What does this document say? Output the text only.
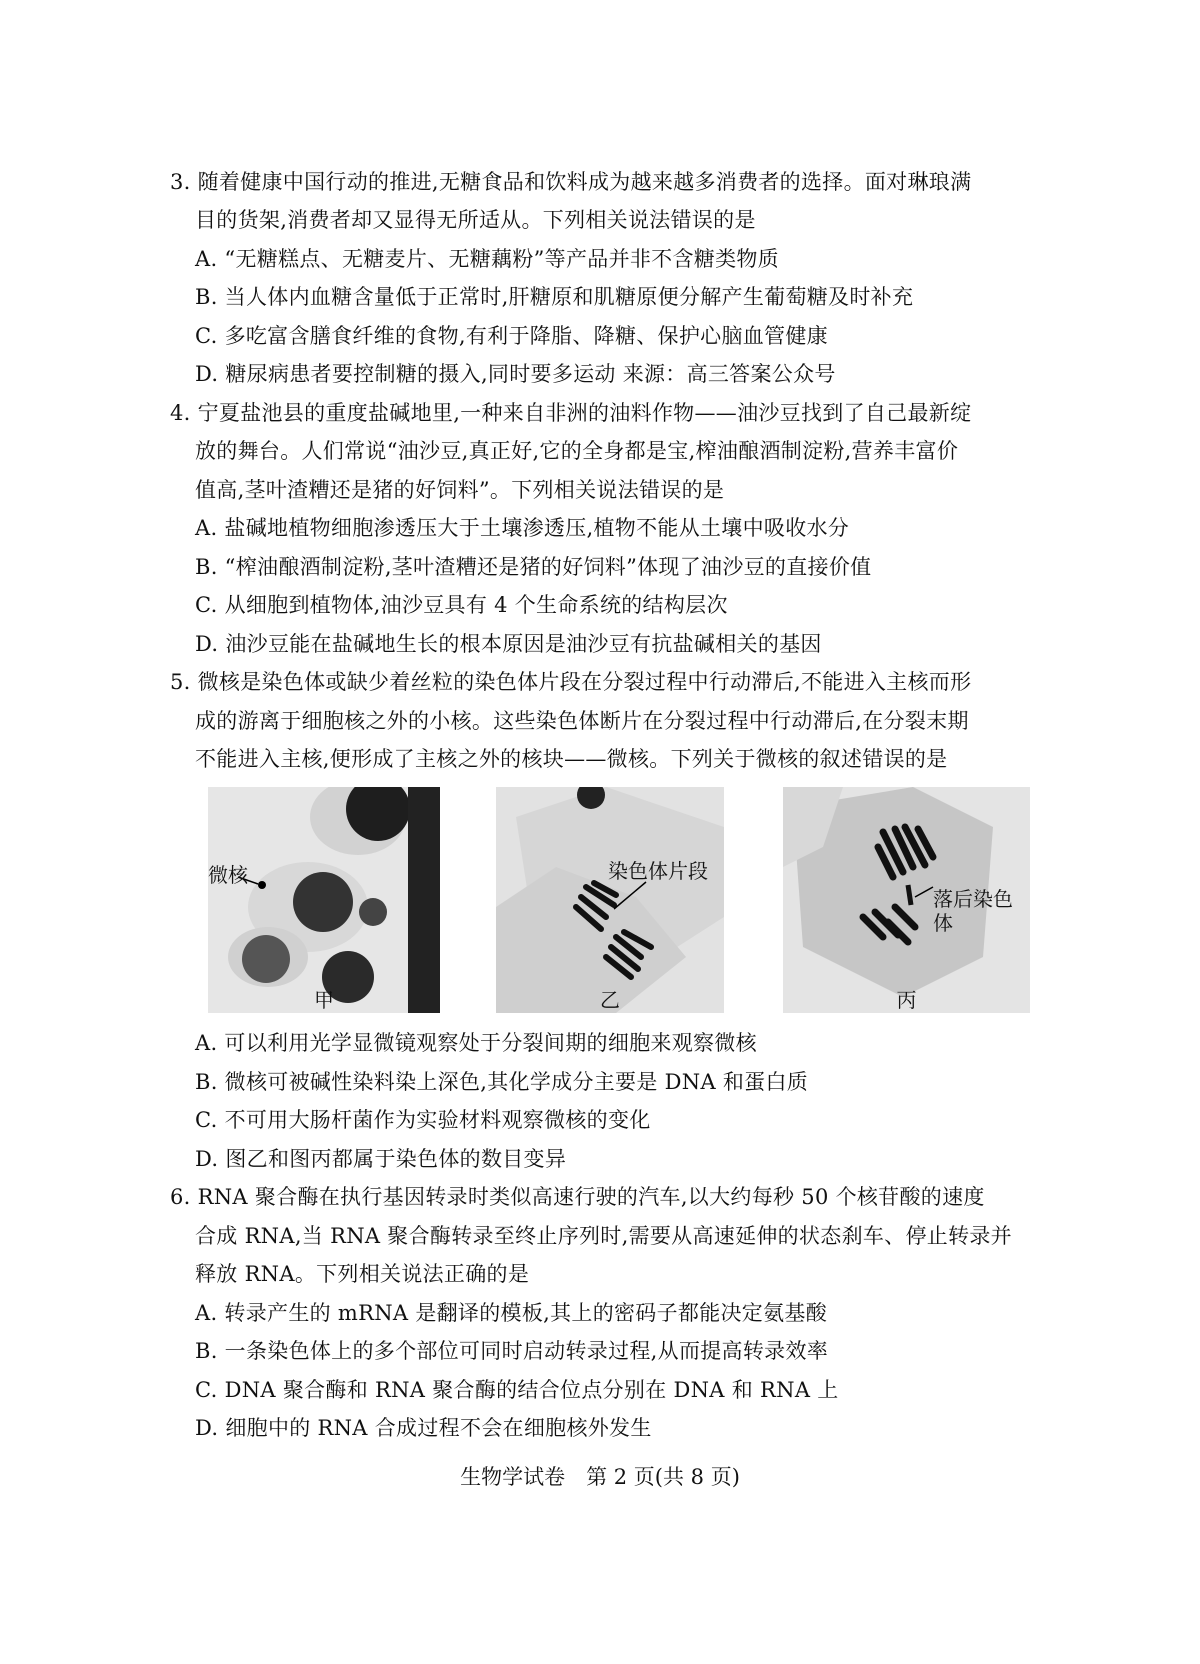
3. 随着健康中国行动的推进,无糖食品和饮料成为越来越多消费者的选择。面对琳琅满
目的货架,消费者却又显得无所适从。下列相关说法错误的是
A. “无糖糕点、无糖麦片、无糖藕粉”等产品并非不含糖类物质
B. 当人体内血糖含量低于正常时,肝糖原和肌糖原便分解产生葡萄糖及时补充
C. 多吃富含膳食纤维的食物,有利于降脂、降糖、保护心脑血管健康
D. 糖尿病患者要控制糖的摄入,同时要多运动 来源：高三答案公众号
4. 宁夏盐池县的重度盐碱地里,一种来自非洲的油料作物——油沙豆找到了自己最新绽
放的舞台。人们常说“油沙豆,真正好,它的全身都是宝,榨油酿酒制淀粉,营养丰富价
值高,茎叶渣糟还是猪的好饲料”。下列相关说法错误的是
A. 盐碱地植物细胞渗透压大于土壤渗透压,植物不能从土壤中吸收水分
B. “榨油酿酒制淀粉,茎叶渣糟还是猪的好饲料”体现了油沙豆的直接价值
C. 从细胞到植物体,油沙豆具有 4 个生命系统的结构层次
D. 油沙豆能在盐碱地生长的根本原因是油沙豆有抗盐碱相关的基因
5. 微核是染色体或缺少着丝粒的染色体片段在分裂过程中行动滞后,不能进入主核而形
成的游离于细胞核之外的小核。这些染色体断片在分裂过程中行动滞后,在分裂末期
不能进入主核,便形成了主核之外的核块——微核。下列关于微核的叙述错误的是
微核
甲
染色体片段
乙
落后染色体
丙
A. 可以利用光学显微镜观察处于分裂间期的细胞来观察微核
B. 微核可被碱性染料染上深色,其化学成分主要是 DNA 和蛋白质
C. 不可用大肠杆菌作为实验材料观察微核的变化
D. 图乙和图丙都属于染色体的数目变异
6. RNA 聚合酶在执行基因转录时类似高速行驶的汽车,以大约每秒 50 个核苷酸的速度
合成 RNA,当 RNA 聚合酶转录至终止序列时,需要从高速延伸的状态刹车、停止转录并
释放 RNA。下列相关说法正确的是
A. 转录产生的 mRNA 是翻译的模板,其上的密码子都能决定氨基酸
B. 一条染色体上的多个部位可同时启动转录过程,从而提高转录效率
C. DNA 聚合酶和 RNA 聚合酶的结合位点分别在 DNA 和 RNA 上
D. 细胞中的 RNA 合成过程不会在细胞核外发生
生物学试卷　第 2 页(共 8 页)
